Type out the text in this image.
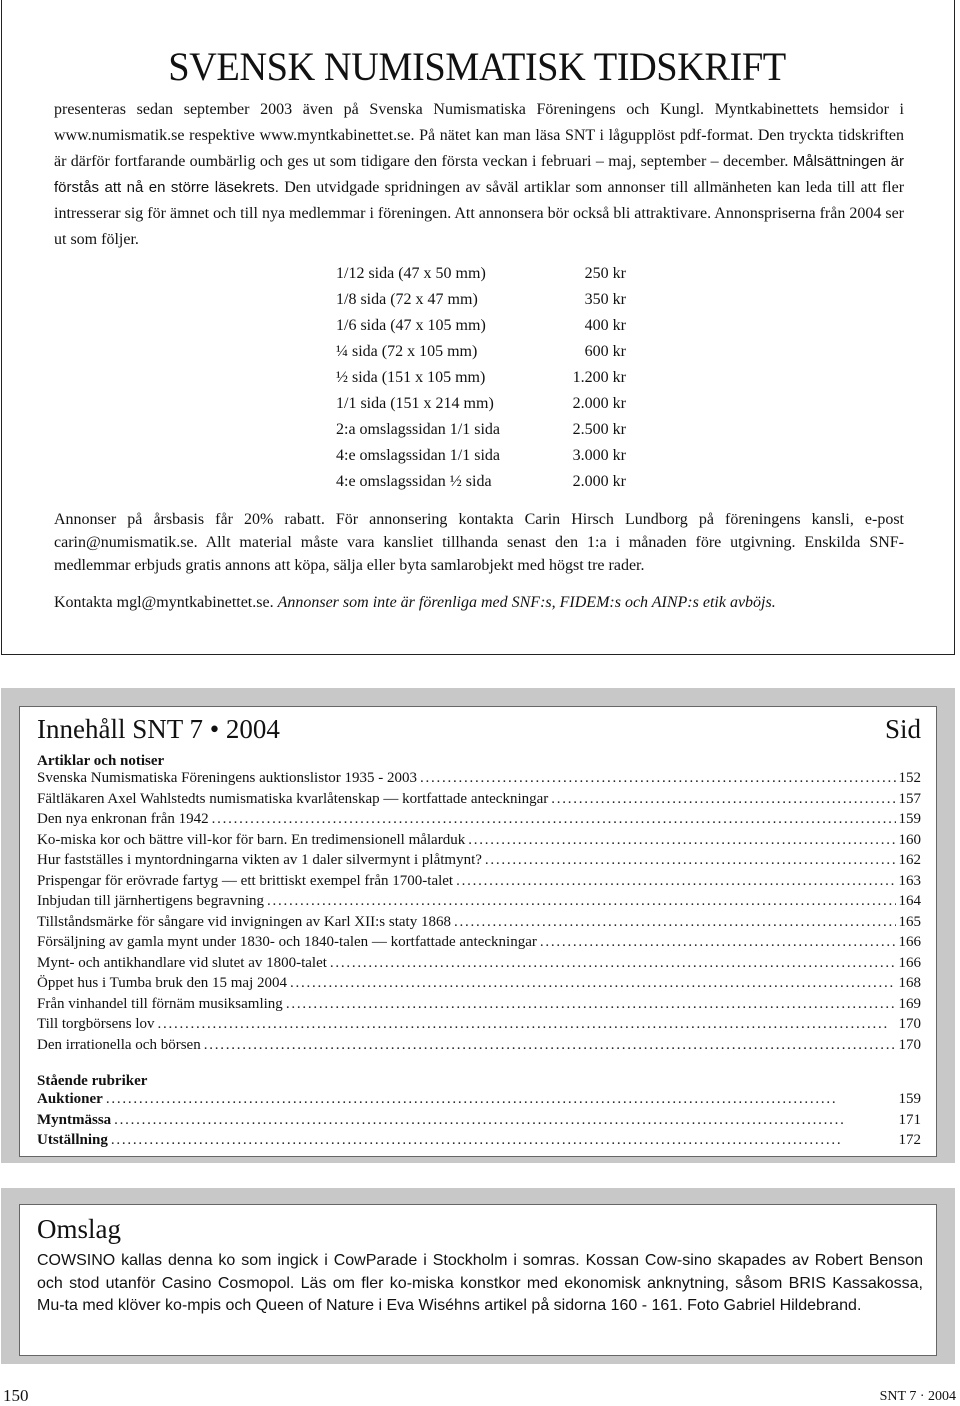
SVENSK NUMISMATISK TIDSKRIFT

presenteras sedan september 2003 även på Svenska Numismatiska Föreningens och Kungl. Myntkabinettets hemsidor i www.numismatik.se respektive www.myntkabinettet.se. På nätet kan man läsa SNT i lågupplöst pdf-format. Den tryckta tidskriften är därför fortfarande oumbärlig och ges ut som tidigare den första veckan i februari – maj, september – december. Målsättningen är förstås att nå en större läsekrets. Den utvidgade spridningen av såväl artiklar som annonser till allmänheten kan leda till att fler intresserar sig för ämnet och till nya medlemmar i föreningen. Att annonsera bör också bli attraktivare. Annonspriserna från 2004 ser ut som följer.

1/12 sida (47 x 50 mm)	250 kr
1/8 sida (72 x 47 mm)	350 kr
1/6 sida (47 x 105 mm)	400 kr
¼ sida (72 x 105 mm)	600 kr
½ sida (151 x 105 mm)	1.200 kr
1/1 sida (151 x 214 mm)	2.000 kr
2:a omslagssidan 1/1 sida	2.500 kr
4:e omslagssidan 1/1 sida	3.000 kr
4:e omslagssidan ½ sida	2.000 kr

Annonser på årsbasis får 20% rabatt. För annonsering kontakta Carin Hirsch Lundborg på föreningens kansli, e-post carin@numismatik.se. Allt material måste vara kansliet tillhanda senast den 1:a i månaden före utgivning. Enskilda SNF-medlemmar erbjuds gratis annons att köpa, sälja eller byta samlarobjekt med högst tre rader.

Kontakta mgl@myntkabinettet.se. Annonser som inte är förenliga med SNF:s, FIDEM:s och AINP:s etik avböjs.

Innehåll SNT 7 • 2004	Sid
Artiklar och notiser
Svenska Numismatiska Föreningens auktionslistor 1935 - 2003 . . .	152
Fältläkaren Axel Wahlstedts numismatiska kvarlåtenskap — kortfattade anteckningar . . .	157
Den nya enkronan från 1942 . . .	159
Ko-miska kor och bättre vill-kor för barn. En tredimensionell målarduk . . .	160
Hur fastställes i myntordningarna vikten av 1 daler silvermynt i plåtmynt? . . .	162
Prispengar för erövrade fartyg — ett brittiskt exempel från 1700-talet . . .	163
Inbjudan till järnhertigens begravning . . .	164
Tillståndsmärke för sångare vid invigningen av Karl XII:s staty 1868 . . .	165
Försäljning av gamla mynt under 1830- och 1840-talen — kortfattade anteckningar . . .	166
Mynt- och antikhandlare vid slutet av 1800-talet . . .	166
Öppet hus i Tumba bruk den 15 maj 2004 . . .	168
Från vinhandel till förnäm musiksamling . . .	169
Till torgbörsens lov . . .	170
Den irrationella och börsen . . .	170
Stående rubriker
Auktioner . . .	159
Myntmässa . . .	171
Utställning . . .	172
Omslag

COWSINO kallas denna ko som ingick i CowParade i Stockholm i somras. Kossan Cow-sino skapades av Robert Benson och stod utanför Casino Cosmopol. Läs om fler ko-miska konstkor med ekonomisk anknytning, såsom BRIS Kassakossa, Mu-ta med klöver ko-mpis och Queen of Nature i Eva Wiséhns artikel på sidorna 160 - 161. Foto Gabriel Hildebrand.

150	SNT 7 · 2004
